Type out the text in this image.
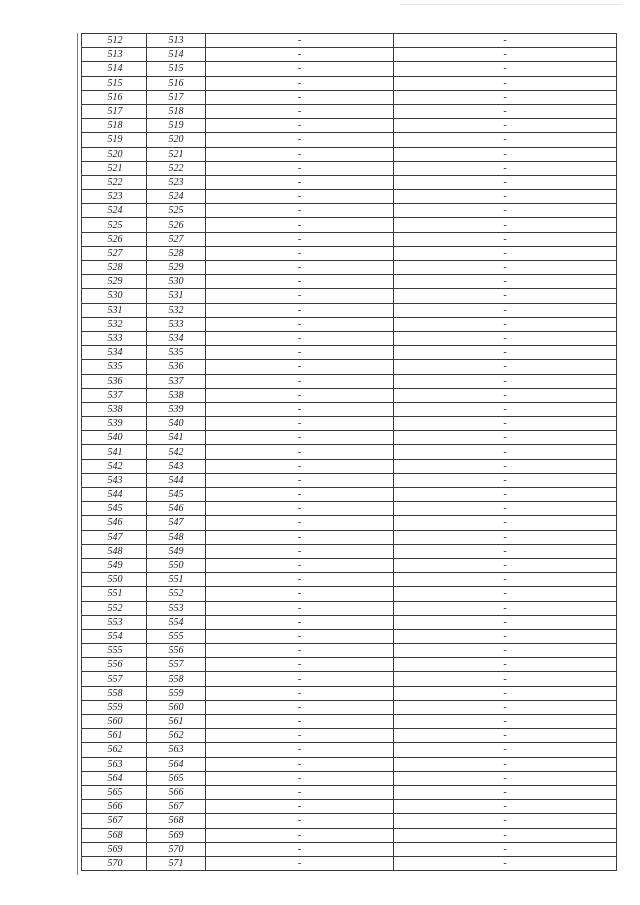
512	513	-	-
513	514	-	-
514	515	-	-
515	516	-	-
516	517	-	-
517	518	-	-
518	519	-	-
519	520	-	-
520	521	-	-
521	522	-	-
522	523	-	-
523	524	-	-
524	525	-	-
525	526	-	-
526	527	-	-
527	528	-	-
528	529	-	-
529	530	-	-
530	531	-	-
531	532	-	-
532	533	-	-
533	534	-	-
534	535	-	-
535	536	-	-
536	537	-	-
537	538	-	-
538	539	-	-
539	540	-	-
540	541	-	-
541	542	-	-
542	543	-	-
543	544	-	-
544	545	-	-
545	546	-	-
546	547	-	-
547	548	-	-
548	549	-	-
549	550	-	-
550	551	-	-
551	552	-	-
552	553	-	-
553	554	-	-
554	555	-	-
555	556	-	-
556	557	-	-
557	558	-	-
558	559	-	-
559	560	-	-
560	561	-	-
561	562	-	-
562	563	-	-
563	564	-	-
564	565	-	-
565	566	-	-
566	567	-	-
567	568	-	-
568	569	-	-
569	570	-	-
570	571	-	-
